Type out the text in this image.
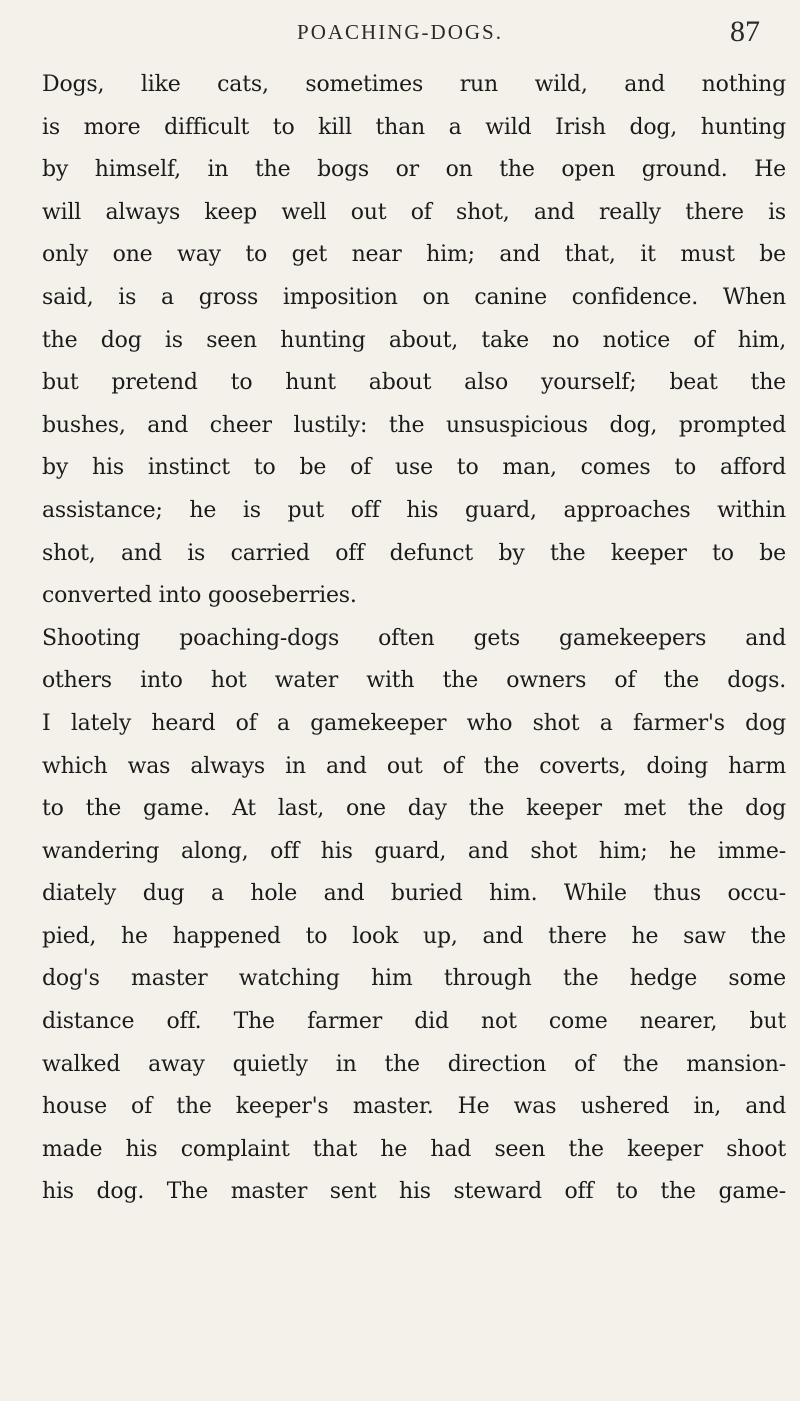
POACHING-DOGS.	87
Dogs, like cats, sometimes run wild, and nothing
is more difficult to kill than a wild Irish dog, hunting
by himself, in the bogs or on the open ground. He
will always keep well out of shot, and really there is
only one way to get near him; and that, it must be
said, is a gross imposition on canine confidence. When
the dog is seen hunting about, take no notice of him,
but pretend to hunt about also yourself; beat the
bushes, and cheer lustily: the unsuspicious dog, prompted
by his instinct to be of use to man, comes to afford
assistance; he is put off his guard, approaches within
shot, and is carried off defunct by the keeper to be
converted into gooseberries.
Shooting poaching-dogs often gets gamekeepers and
others into hot water with the owners of the dogs.
I lately heard of a gamekeeper who shot a farmer's dog
which was always in and out of the coverts, doing harm
to the game. At last, one day the keeper met the dog
wandering along, off his guard, and shot him; he imme-
diately dug a hole and buried him. While thus occu-
pied, he happened to look up, and there he saw the
dog's master watching him through the hedge some
distance off. The farmer did not come nearer, but
walked away quietly in the direction of the mansion-
house of the keeper's master. He was ushered in, and
made his complaint that he had seen the keeper shoot
his dog. The master sent his steward off to the game-
